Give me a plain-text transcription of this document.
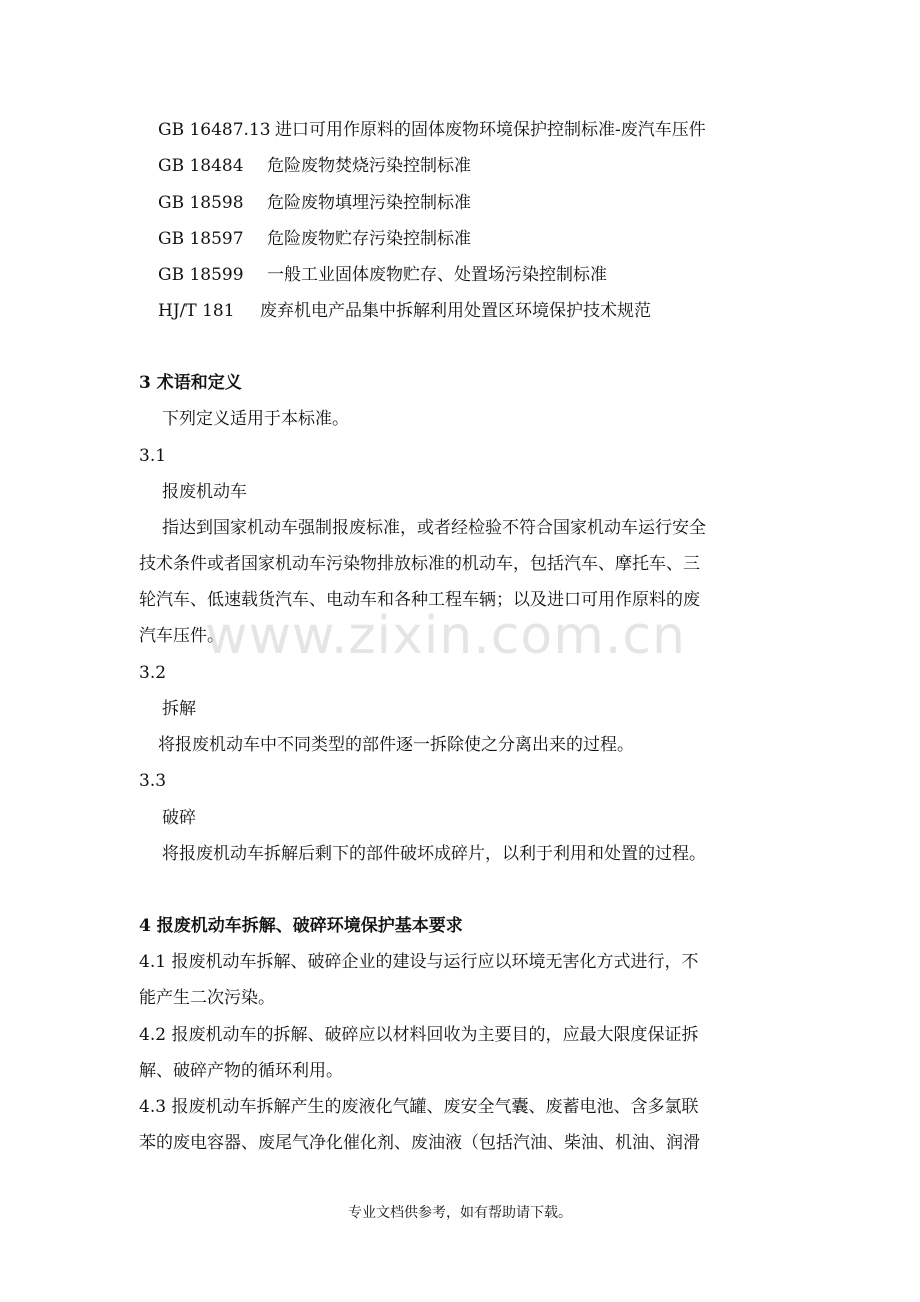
GB 16487.13 进口可用作原料的固体废物环境保护控制标准-废汽车压件
GB 18484 危险废物焚烧污染控制标准
GB 18598 危险废物填埋污染控制标准
GB 18597 危险废物贮存污染控制标准
GB 18599 一般工业固体废物贮存、处置场污染控制标准
HJ/T 181 废弃机电产品集中拆解利用处置区环境保护技术规范
3 术语和定义
下列定义适用于本标准。
3.1
报废机动车
指达到国家机动车强制报废标准，或者经检验不符合国家机动车运行安全
技术条件或者国家机动车污染物排放标准的机动车，包括汽车、摩托车、三
轮汽车、低速载货汽车、电动车和各种工程车辆；以及进口可用作原料的废
汽车压件。
3.2
拆解
将报废机动车中不同类型的部件逐一拆除使之分离出来的过程。
3.3
破碎
将报废机动车拆解后剩下的部件破坏成碎片，以利于利用和处置的过程。
4 报废机动车拆解、破碎环境保护基本要求
4.1 报废机动车拆解、破碎企业的建设与运行应以环境无害化方式进行，不
能产生二次污染。
4.2 报废机动车的拆解、破碎应以材料回收为主要目的，应最大限度保证拆
解、破碎产物的循环利用。
4.3 报废机动车拆解产生的废液化气罐、废安全气囊、废蓄电池、含多氯联
苯的废电容器、废尾气净化催化剂、废油液（包括汽油、柴油、机油、润滑
www.zixin.com.cn
专业文档供参考，如有帮助请下载。
